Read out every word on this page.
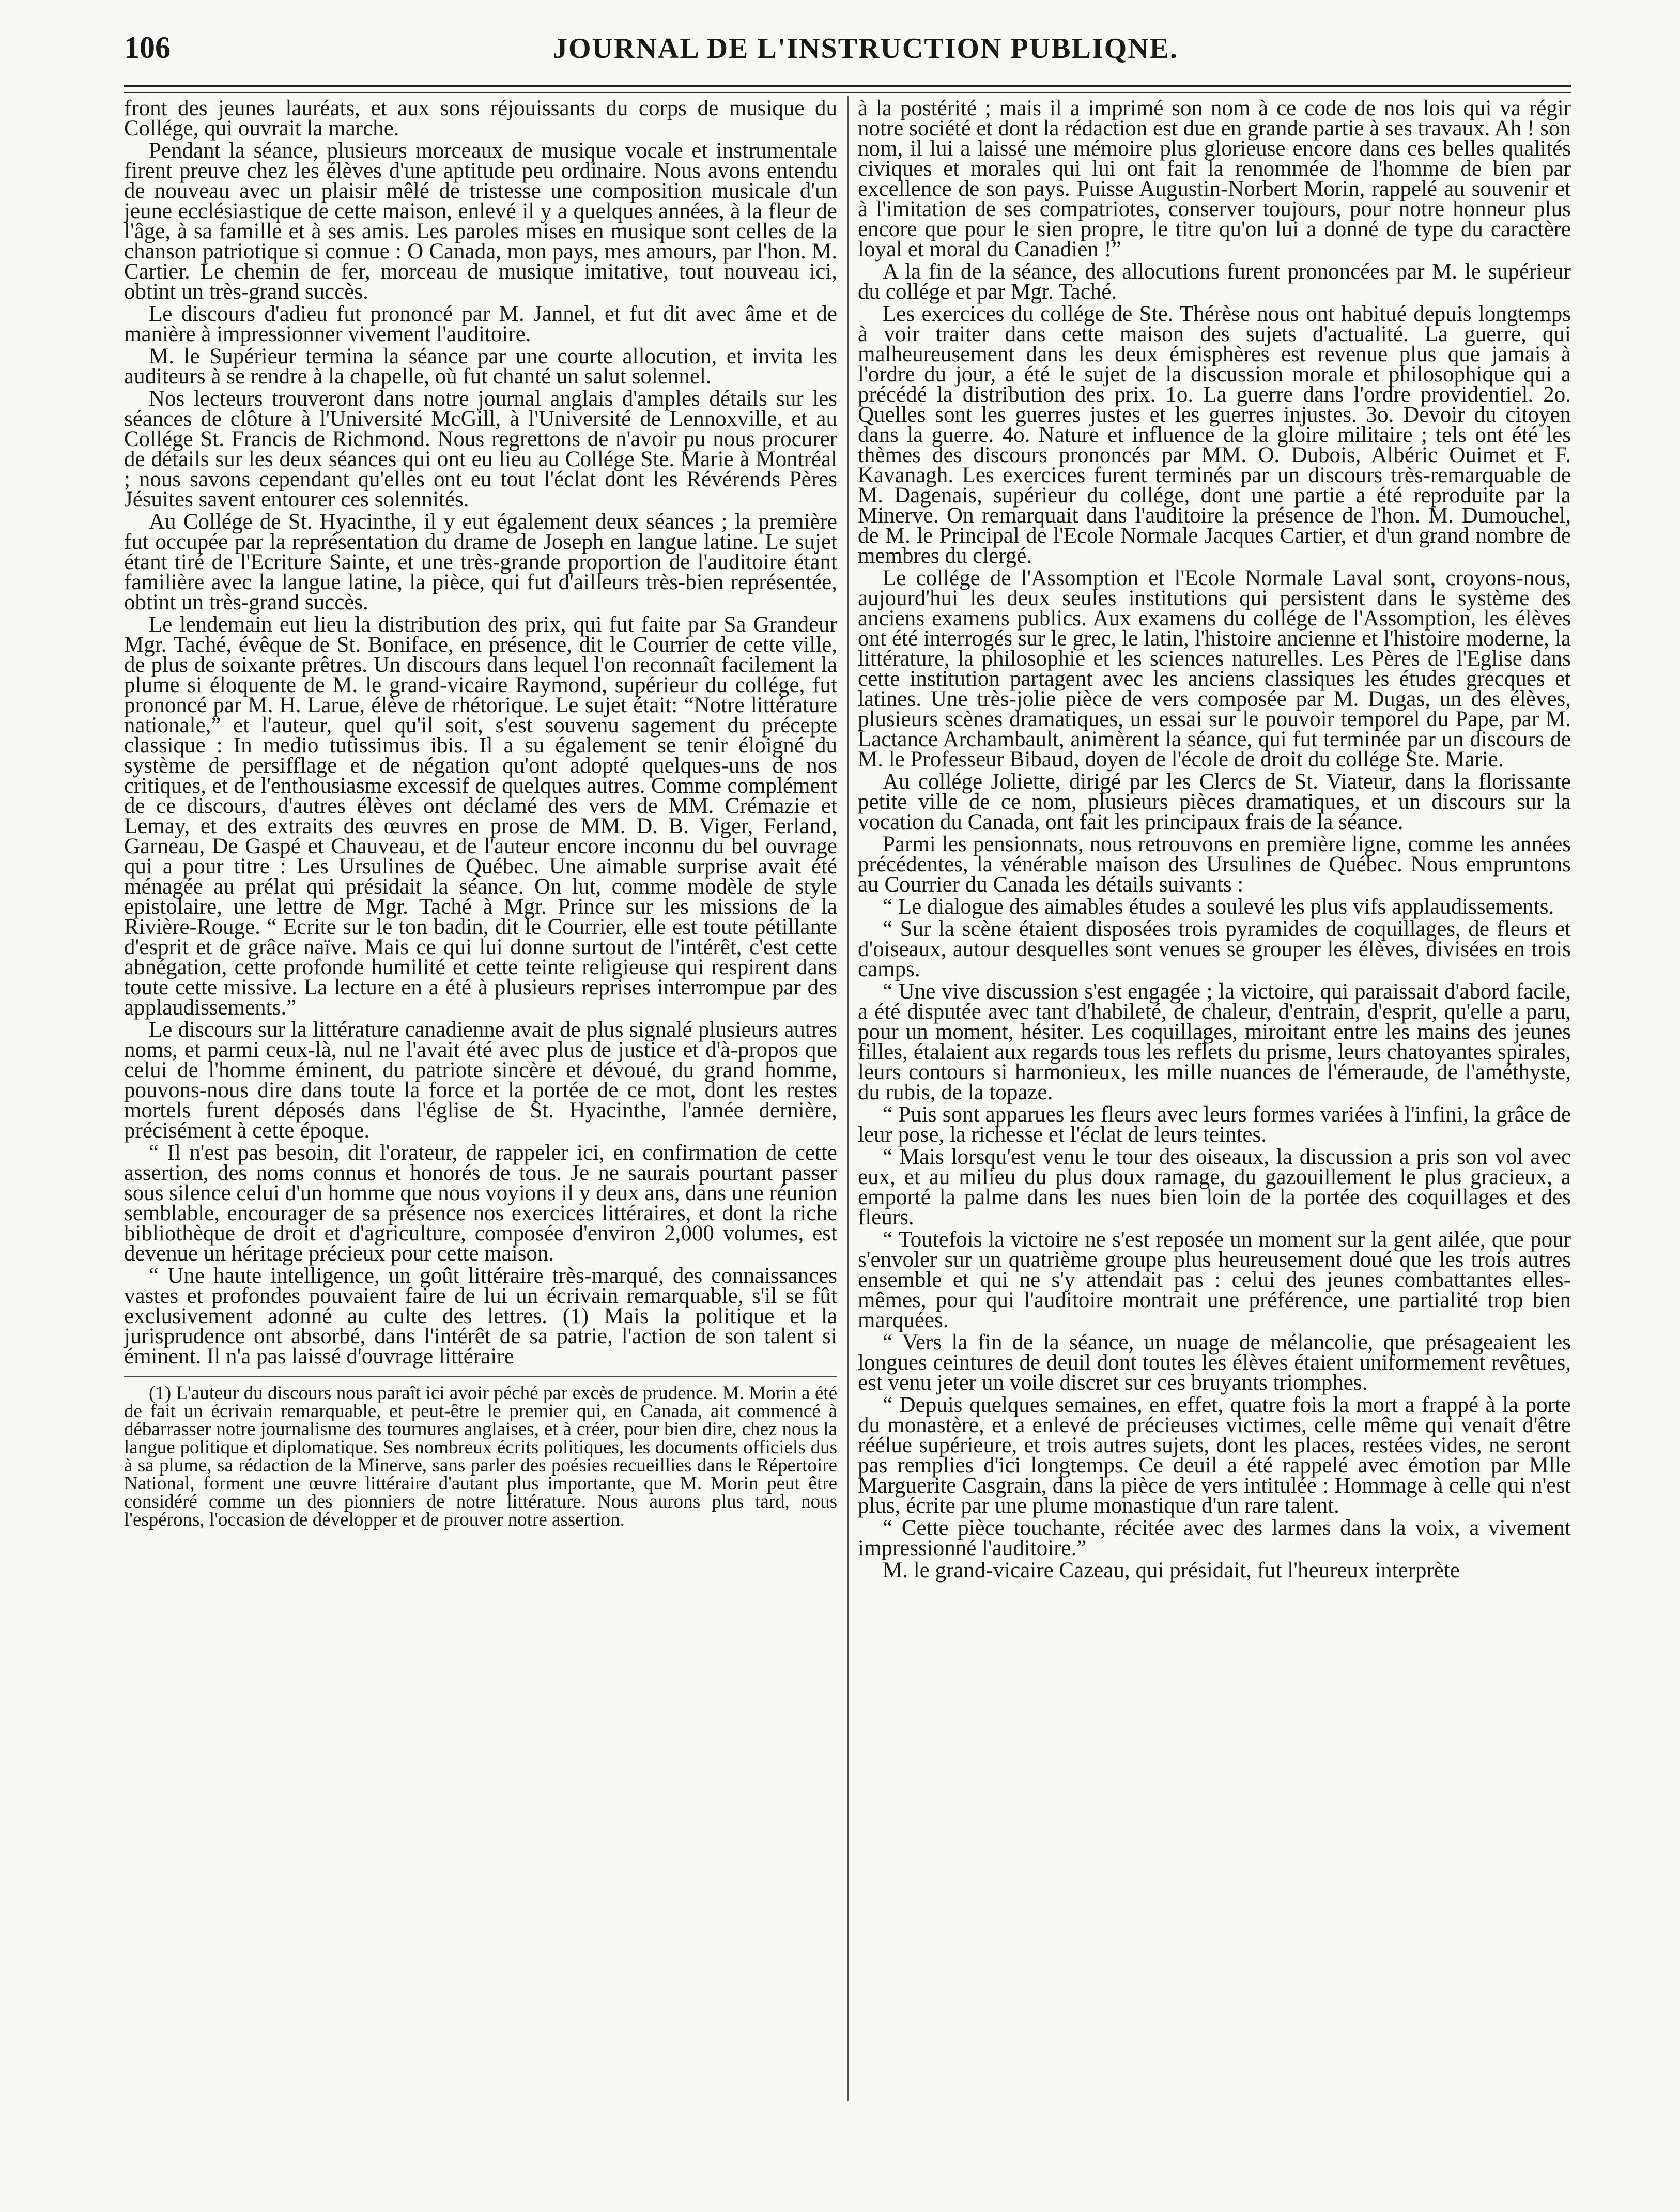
106	JOURNAL DE L'INSTRUCTION PUBLIQNE.

front des jeunes lauréats, et aux sons réjouissants du corps de musique du Collége, qui ouvrait la marche.

Pendant la séance, plusieurs morceaux de musique vocale et instrumentale firent preuve chez les élèves d'une aptitude peu ordinaire. Nous avons entendu de nouveau avec un plaisir mêlé de tristesse une composition musicale d'un jeune ecclésiastique de cette maison, enlevé il y a quelques années, à la fleur de l'âge, à sa famille et à ses amis. Les paroles mises en musique sont celles de la chanson patriotique si connue : O Canada, mon pays, mes amours, par l'hon. M. Cartier. Le chemin de fer, morceau de musique imitative, tout nouveau ici, obtint un très-grand succès.

Le discours d'adieu fut prononcé par M. Jannel, et fut dit avec âme et de manière à impressionner vivement l'auditoire.

M. le Supérieur termina la séance par une courte allocution, et invita les auditeurs à se rendre à la chapelle, où fut chanté un salut solennel.

Nos lecteurs trouveront dans notre journal anglais d'amples détails sur les séances de clôture à l'Université McGill, à l'Université de Lennoxville, et au Collége St. Francis de Richmond. Nous regrettons de n'avoir pu nous procurer de détails sur les deux séances qui ont eu lieu au Collége Ste. Marie à Montréal ; nous savons cependant qu'elles ont eu tout l'éclat dont les Révérends Pères Jésuites savent entourer ces solennités.

Au Collége de St. Hyacinthe, il y eut également deux séances ; la première fut occupée par la représentation du drame de Joseph en langue latine. Le sujet étant tiré de l'Ecriture Sainte, et une très-grande proportion de l'auditoire étant familière avec la langue latine, la pièce, qui fut d'ailleurs très-bien représentée, obtint un très-grand succès.

Le lendemain eut lieu la distribution des prix, qui fut faite par Sa Grandeur Mgr. Taché, évêque de St. Boniface, en présence, dit le Courrier de cette ville, de plus de soixante prêtres. Un discours dans lequel l'on reconnaît facilement la plume si éloquente de M. le grand-vicaire Raymond, supérieur du collége, fut prononcé par M. H. Larue, élève de rhétorique. Le sujet était: “Notre littérature nationale,” et l'auteur, quel qu'il soit, s'est souvenu sagement du précepte classique : In medio tutissimus ibis. Il a su également se tenir éloigné du système de persifflage et de négation qu'ont adopté quelques-uns de nos critiques, et de l'enthousiasme excessif de quelques autres. Comme complément de ce discours, d'autres élèves ont déclamé des vers de MM. Crémazie et Lemay, et des extraits des œuvres en prose de MM. D. B. Viger, Ferland, Garneau, De Gaspé et Chauveau, et de l'auteur encore inconnu du bel ouvrage qui a pour titre : Les Ursulines de Québec. Une aimable surprise avait été ménagée au prélat qui présidait la séance. On lut, comme modèle de style epistolaire, une lettre de Mgr. Taché à Mgr. Prince sur les missions de la Rivière-Rouge. “ Ecrite sur le ton badin, dit le Courrier, elle est toute pétillante d'esprit et de grâce naïve. Mais ce qui lui donne surtout de l'intérêt, c'est cette abnégation, cette profonde humilité et cette teinte religieuse qui respirent dans toute cette missive. La lecture en a été à plusieurs reprises interrompue par des applaudissements.”

Le discours sur la littérature canadienne avait de plus signalé plusieurs autres noms, et parmi ceux-là, nul ne l'avait été avec plus de justice et d'à-propos que celui de l'homme éminent, du patriote sincère et dévoué, du grand homme, pouvons-nous dire dans toute la force et la portée de ce mot, dont les restes mortels furent déposés dans l'église de St. Hyacinthe, l'année dernière, précisément à cette époque.

“ Il n'est pas besoin, dit l'orateur, de rappeler ici, en confirmation de cette assertion, des noms connus et honorés de tous. Je ne saurais pourtant passer sous silence celui d'un homme que nous voyions il y deux ans, dans une réunion semblable, encourager de sa présence nos exercices littéraires, et dont la riche bibliothèque de droit et d'agriculture, composée d'environ 2,000 volumes, est devenue un héritage précieux pour cette maison.

“ Une haute intelligence, un goût littéraire très-marqué, des connaissances vastes et profondes pouvaient faire de lui un écrivain remarquable, s'il se fût exclusivement adonné au culte des lettres. (1) Mais la politique et la jurisprudence ont absorbé, dans l'intérêt de sa patrie, l'action de son talent si éminent. Il n'a pas laissé d'ouvrage littéraire

(1) L'auteur du discours nous paraît ici avoir péché par excès de prudence. M. Morin a été de fait un écrivain remarquable, et peut-être le premier qui, en Canada, ait commencé à débarrasser notre journalisme des tournures anglaises, et à créer, pour bien dire, chez nous la langue politique et diplomatique. Ses nombreux écrits politiques, les documents officiels dus à sa plume, sa rédaction de la Minerve, sans parler des poésies recueillies dans le Répertoire National, forment une œuvre littéraire d'autant plus importante, que M. Morin peut être considéré comme un des pionniers de notre littérature. Nous aurons plus tard, nous l'espérons, l'occasion de développer et de prouver notre assertion.

à la postérité ; mais il a imprimé son nom à ce code de nos lois qui va régir notre société et dont la rédaction est due en grande partie à ses travaux. Ah ! son nom, il lui a laissé une mémoire plus glorieuse encore dans ces belles qualités civiques et morales qui lui ont fait la renommée de l'homme de bien par excellence de son pays. Puisse Augustin-Norbert Morin, rappelé au souvenir et à l'imitation de ses compatriotes, conserver toujours, pour notre honneur plus encore que pour le sien propre, le titre qu'on lui a donné de type du caractère loyal et moral du Canadien !”

A la fin de la séance, des allocutions furent prononcées par M. le supérieur du collége et par Mgr. Taché.

Les exercices du collége de Ste. Thérèse nous ont habitué depuis longtemps à voir traiter dans cette maison des sujets d'actualité. La guerre, qui malheureusement dans les deux émisphères est revenue plus que jamais à l'ordre du jour, a été le sujet de la discussion morale et philosophique qui a précédé la distribution des prix. 1o. La guerre dans l'ordre providentiel. 2o. Quelles sont les guerres justes et les guerres injustes. 3o. Devoir du citoyen dans la guerre. 4o. Nature et influence de la gloire militaire ; tels ont été les thèmes des discours prononcés par MM. O. Dubois, Albéric Ouimet et F. Kavanagh. Les exercices furent terminés par un discours très-remarquable de M. Dagenais, supérieur du collége, dont une partie a été reproduite par la Minerve. On remarquait dans l'auditoire la présence de l'hon. M. Dumouchel, de M. le Principal de l'Ecole Normale Jacques Cartier, et d'un grand nombre de membres du clergé.

Le collége de l'Assomption et l'Ecole Normale Laval sont, croyons-nous, aujourd'hui les deux seules institutions qui persistent dans le système des anciens examens publics. Aux examens du collége de l'Assomption, les élèves ont été interrogés sur le grec, le latin, l'histoire ancienne et l'histoire moderne, la littérature, la philosophie et les sciences naturelles. Les Pères de l'Eglise dans cette institution partagent avec les anciens classiques les études grecques et latines. Une très-jolie pièce de vers composée par M. Dugas, un des élèves, plusieurs scènes dramatiques, un essai sur le pouvoir temporel du Pape, par M. Lactance Archambault, animèrent la séance, qui fut terminée par un discours de M. le Professeur Bibaud, doyen de l'école de droit du collége Ste. Marie.

Au collége Joliette, dirigé par les Clercs de St. Viateur, dans la florissante petite ville de ce nom, plusieurs pièces dramatiques, et un discours sur la vocation du Canada, ont fait les principaux frais de la séance.

Parmi les pensionnats, nous retrouvons en première ligne, comme les années précédentes, la vénérable maison des Ursulines de Québec. Nous empruntons au Courrier du Canada les détails suivants :

“ Le dialogue des aimables études a soulevé les plus vifs applaudissements.

“ Sur la scène étaient disposées trois pyramides de coquillages, de fleurs et d'oiseaux, autour desquelles sont venues se grouper les élèves, divisées en trois camps.

“ Une vive discussion s'est engagée ; la victoire, qui paraissait d'abord facile, a été disputée avec tant d'habileté, de chaleur, d'entrain, d'esprit, qu'elle a paru, pour un moment, hésiter. Les coquillages, miroitant entre les mains des jeunes filles, étalaient aux regards tous les reflets du prisme, leurs chatoyantes spirales, leurs contours si harmonieux, les mille nuances de l'émeraude, de l'améthyste, du rubis, de la topaze.

“ Puis sont apparues les fleurs avec leurs formes variées à l'infini, la grâce de leur pose, la richesse et l'éclat de leurs teintes.

“ Mais lorsqu'est venu le tour des oiseaux, la discussion a pris son vol avec eux, et au milieu du plus doux ramage, du gazouillement le plus gracieux, a emporté la palme dans les nues bien loin de la portée des coquillages et des fleurs.

“ Toutefois la victoire ne s'est reposée un moment sur la gent ailée, que pour s'envoler sur un quatrième groupe plus heureusement doué que les trois autres ensemble et qui ne s'y attendait pas : celui des jeunes combattantes elles-mêmes, pour qui l'auditoire montrait une préférence, une partialité trop bien marquées.

“ Vers la fin de la séance, un nuage de mélancolie, que présageaient les longues ceintures de deuil dont toutes les élèves étaient uniformement revêtues, est venu jeter un voile discret sur ces bruyants triomphes.

“ Depuis quelques semaines, en effet, quatre fois la mort a frappé à la porte du monastère, et a enlevé de précieuses victimes, celle même qui venait d'être réélue supérieure, et trois autres sujets, dont les places, restées vides, ne seront pas remplies d'ici longtemps. Ce deuil a été rappelé avec émotion par Mlle Marguerite Casgrain, dans la pièce de vers intitulée : Hommage à celle qui n'est plus, écrite par une plume monastique d'un rare talent.

“ Cette pièce touchante, récitée avec des larmes dans la voix, a vivement impressionné l'auditoire.”

M. le grand-vicaire Cazeau, qui présidait, fut l'heureux interprète
